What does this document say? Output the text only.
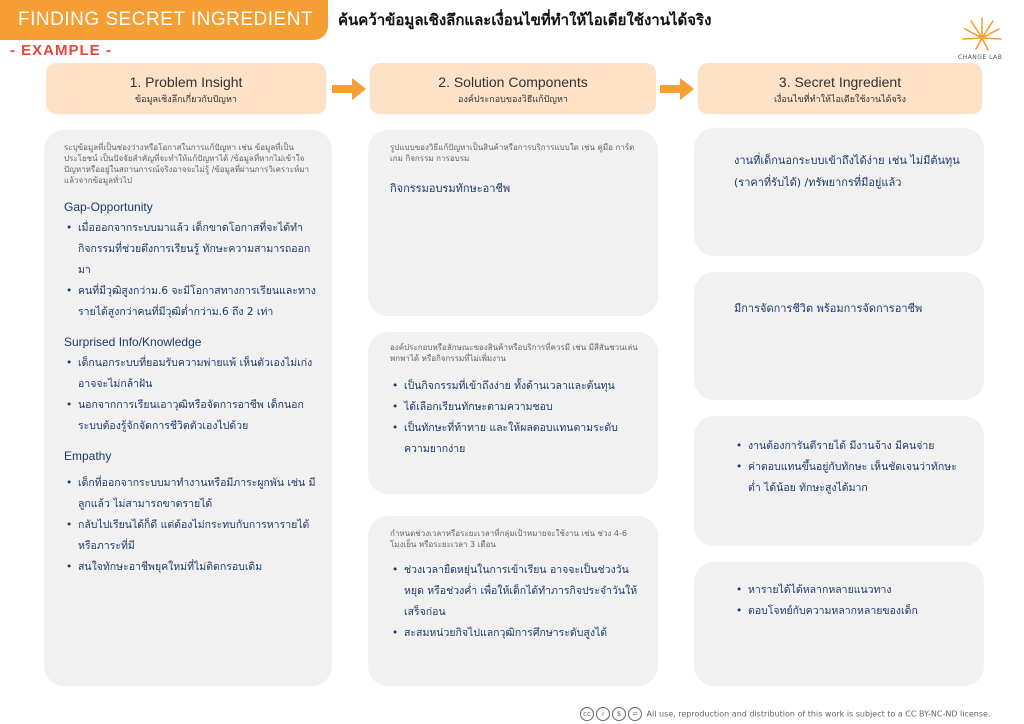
FINDING SECRET INGREDIENT	ค้นคว้าข้อมูลเชิงลึกและเงื่อนไขที่ทำให้ไอเดียใช้งานได้จริง
- EXAMPLE -	CHANGE LAB
1. Problem Insight
ข้อมูลเชิงลึกเกี่ยวกับปัญหา
2. Solution Components
องค์ประกอบของวิธีแก้ปัญหา
3. Secret Ingredient
เงื่อนไขที่ทำให้ไอเดียใช้งานได้จริง
ระบุข้อมูลที่เป็นช่องว่างหรือโอกาสในการแก้ปัญหา เช่น ข้อมูลที่เป็นประโยชน์ เป็นปัจจัยสำคัญที่จะทำให้แก้ปัญหาได้ /ข้อมูลที่หากไม่เข้าใจปัญหาหรืออยู่ในสถานการณ์จริงอาจจะไม่รู้ /ข้อมูลที่ผ่านการวิเคราะห์มาแล้วจากข้อมูลทั่วไป
Gap-Opportunity
• เมื่อออกจากระบบมาแล้ว เด็กขาดโอกาสที่จะได้ทำกิจกรรมที่ช่วยดึงการเรียนรู้ ทักษะความสามารถออกมา
• คนที่มีวุฒิสูงกว่าม.6 จะมีโอกาสทางการเรียนและทางรายได้สูงกว่าคนที่มีวุฒิต่ำกว่าม.6 ถึง 2 เท่า
Surprised Info/Knowledge
• เด็กนอกระบบที่ยอมรับความพ่ายแพ้ เห็นตัวเองไม่เก่งอาจจะไม่กล้าฝัน
• นอกจากการเรียนเอาวุฒิหรือจัดการอาชีพ เด็กนอกระบบต้องรู้จักจัดการชีวิตตัวเองไปด้วย
Empathy
• เด็กที่ออกจากระบบมาทำงานหรือมีภาระผูกพัน เช่น มีลูกแล้ว ไม่สามารถขาดรายได้
• กลับไปเรียนได้ก็ดี แต่ต้องไม่กระทบกับการหารายได้หรือภาระที่มี
• สนใจทักษะอาชีพยุคใหม่ที่ไม่ติดกรอบเดิม
รูปแบบของวิธีแก้ปัญหาเป็นสินค้าหรือการบริการแบบใด เช่น คู่มือ การ์ดเกม กิจกรรม การอบรม
กิจกรรมอบรมทักษะอาชีพ
องค์ประกอบหรือลักษณะของสินค้าหรือบริการที่ควรมี เช่น มีสีสันชวนเล่น พกพาได้ หรือกิจกรรมที่ไม่เพิ่มงาน
• เป็นกิจกรรมที่เข้าถึงง่าย ทั้งด้านเวลาและต้นทุน
• ได้เลือกเรียนทักษะตามความชอบ
• เป็นทักษะที่ท้าทาย และให้ผลตอบแทนตามระดับความยากง่าย
กำหนดช่วงเวลาหรือระยะเวลาที่กลุ่มเป้าหมายจะใช้งาน เช่น ช่วง 4-6 โมงเย็น หรือระยะเวลา 3 เดือน
• ช่วงเวลายืดหยุ่นในการเข้าเรียน อาจจะเป็นช่วงวันหยุด หรือช่วงค่ำ เพื่อให้เด็กได้ทำภารกิจประจำวันให้เสร็จก่อน
• สะสมหน่วยกิจไปแลกวุฒิการศึกษาระดับสูงได้
งานที่เด็กนอกระบบเข้าถึงได้ง่าย เช่น ไม่มีต้นทุน (ราคาที่รับได้) /ทรัพยากรที่มีอยู่แล้ว
มีการจัดการชีวิต พร้อมการจัดการอาชีพ
• งานต้องการันตีรายได้ มีงานจ้าง มีคนจ่าย
• ค่าตอบแทนขึ้นอยู่กับทักษะ เห็นชัดเจนว่าทักษะต่ำ ได้น้อย ทักษะสูงได้มาก
• หารายได้ได้หลากหลายแนวทาง
• ตอบโจทย์กับความหลากหลายของเด็ก
cc i $ = All use, reproduction and distribution of this work is subject to a CC BY-NC-ND license.
